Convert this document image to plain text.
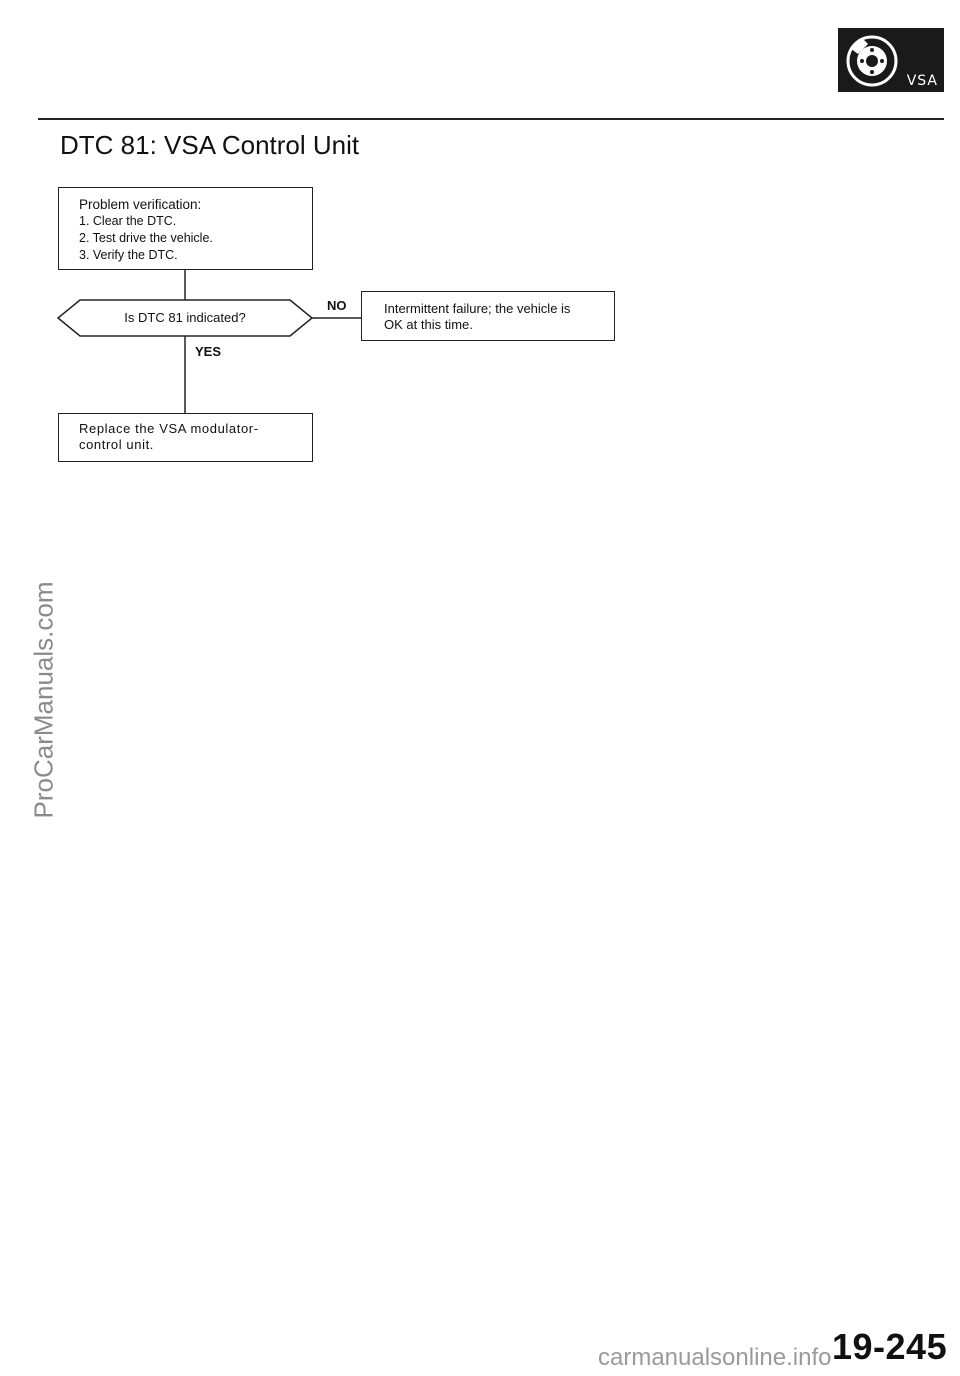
VSA
DTC 81: VSA Control Unit
Problem verification:
1. Clear the DTC.
2. Test drive the vehicle.
3. Verify the DTC.
Is DTC 81 indicated?
NO
YES
Intermittent failure; the vehicle is
OK at this time.
Replace the VSA modulator-
control unit.
ProCarManuals.com
19-245
carmanualsonline.info
